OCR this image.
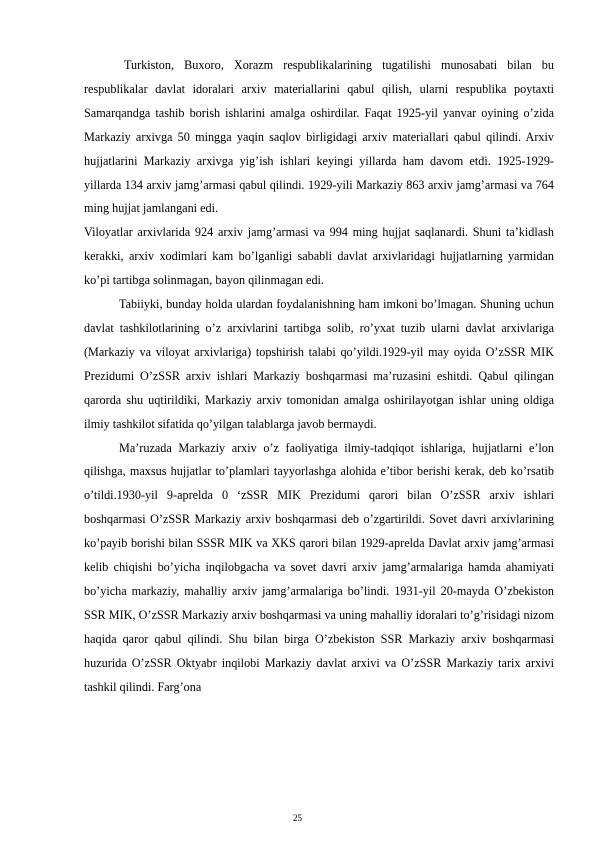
Turkiston, Buxoro, Xorazm respublikalarining tugatilishi munosabati bilan bu respublikalar davlat idoralari arxiv materiallarini qabul qilish, ularni respublika poytaxti Samarqandga tashib borish ishlarini amalga oshirdilar. Faqat 1925-yil yanvar oyining o’zida Markaziy arxivga 50 mingga yaqin saqlov birligidagi arxiv materiallari qabul qilindi. Arxiv hujjatlarini Markaziy arxivga yig’ish ishlari keyingi yillarda ham davom etdi. 1925-1929-yillarda 134 arxiv jamg’armasi qabul qilindi. 1929-yili Markaziy 863 arxiv jamg’armasi va 764 ming hujjat jamlangani edi.

Viloyatlar arxivlarida 924 arxiv jamg’armasi va 994 ming hujjat saqlanardi. Shuni ta’kidlash kerakki, arxiv xodimlari kam bo’lganligi sababli davlat arxivlaridagi hujjatlarning yarmidan ko’pi tartibga solinmagan, bayon qilinmagan edi.

Tabiiyki, bunday holda ulardan foydalanishning ham imkoni bo’lmagan. Shuning uchun davlat tashkilotlarining o’z arxivlarini tartibga solib, ro’yxat tuzib ularni davlat arxivlariga (Markaziy va viloyat arxivlariga) topshirish talabi qo’yildi.1929-yil may oyida O’zSSR MIK Prezidumi O’zSSR arxiv ishlari Markaziy boshqarmasi ma’ruzasini eshitdi. Qabul qilingan qarorda shu uqtirildiki, Markaziy arxiv tomonidan amalga oshirilayotgan ishlar uning oldiga ilmiy tashkilot sifatida qo’yilgan talablarga javob bermaydi.

Ma’ruzada Markaziy arxiv o’z faoliyatiga ilmiy-tadqiqot ishlariga, hujjatlarni e’lon qilishga, maxsus hujjatlar to’plamlari tayyorlashga alohida e’tibor berishi kerak, deb ko’rsatib o’tildi.1930-yil 9-aprelda 0 ‘zSSR MIK Prezidumi qarori bilan O’zSSR arxiv ishlari boshqarmasi O’zSSR Markaziy arxiv boshqarmasi deb o’zgartirildi. Sovet davri arxivlarining ko’payib borishi bilan SSSR MIK va XKS qarori bilan 1929-aprelda Davlat arxiv jamg’armasi kelib chiqishi bo’yicha inqilobgacha va sovet davri arxiv jamg’armalariga hamda ahamiyati bo’yicha markaziy, mahalliy arxiv jamg’armalariga bo’lindi. 1931-yil 20-mayda O’zbekiston SSR MIK, O’zSSR Markaziy arxiv boshqarmasi va uning mahalliy idoralari to’g’risidagi nizom haqida qaror qabul qilindi. Shu bilan birga O’zbekiston SSR Markaziy arxiv boshqarmasi huzurida O’zSSR Oktyabr inqilobi Markaziy davlat arxivi va O’zSSR Markaziy tarix arxivi tashkil qilindi. Farg’ona

25
